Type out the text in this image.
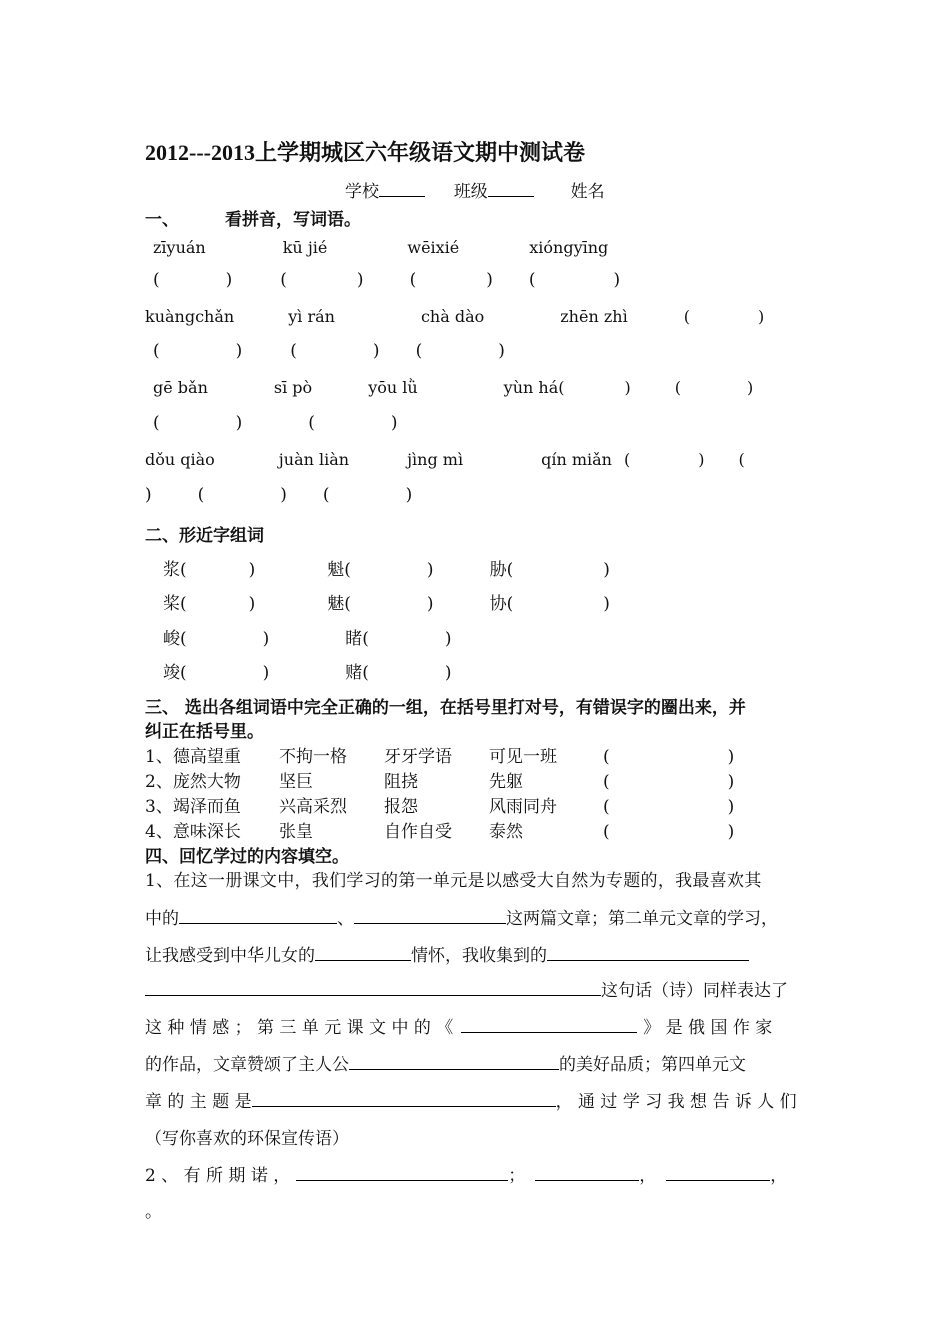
2012---2013上学期城区六年级语文期中测试卷
学校	班级	姓名
一、	看拼音，写词语。
zīyuán	kū jié	wēixié	xióngyīng
(	)	(	)	(	) (	)
kuàngchǎn	yì rán	chà dào	zhēn zhì	(	)
(	)	(	) (	)
gē bǎn	sī pò	yōu lǜ	yùn há(	)	(	)
(	)	(	)
dǒu qiào	juàn liàn	jìng mì	qín miǎn (	) (
)	(	) (	)
二、形近字组词
浆(	)	魁(	)	胁(	)
桨(	)	魅(	)	协(	)
峻(	)	睹(	)
竣(	)	赌(	)
三、 选出各组词语中完全正确的一组，在括号里打对号，有错误字的圈出来，并
纠正在括号里。
1、德高望重 不拘一格 牙牙学语 可见一班	(	)
2、庞然大物 坚巨	阻挠	先躯	(	)
3、竭泽而鱼 兴高采烈 报怨	风雨同舟	(	)
4、意味深长 张皇	自作自受 泰然	(	)
四、回忆学过的内容填空。
1、在这一册课文中，我们学习的第一单元是以感受大自然为专题的，我最喜欢其
中的	、	这两篇文章；第二单元文章的学习，
让我感受到中华儿女的	情怀，我收集到的
这句话（诗）同样表达了
这 种 情 感 ； 第 三 单 元 课 文 中 的 《	》 是 俄 国 作 家
的作品，文章赞颂了主人公	的美好品质；第四单元文
章 的 主 题 是	， 通 过 学 习 我 想 告 诉 人 们
（写你喜欢的环保宣传语）
2 、 有 所 期 诺 ，	；	，	，
。
